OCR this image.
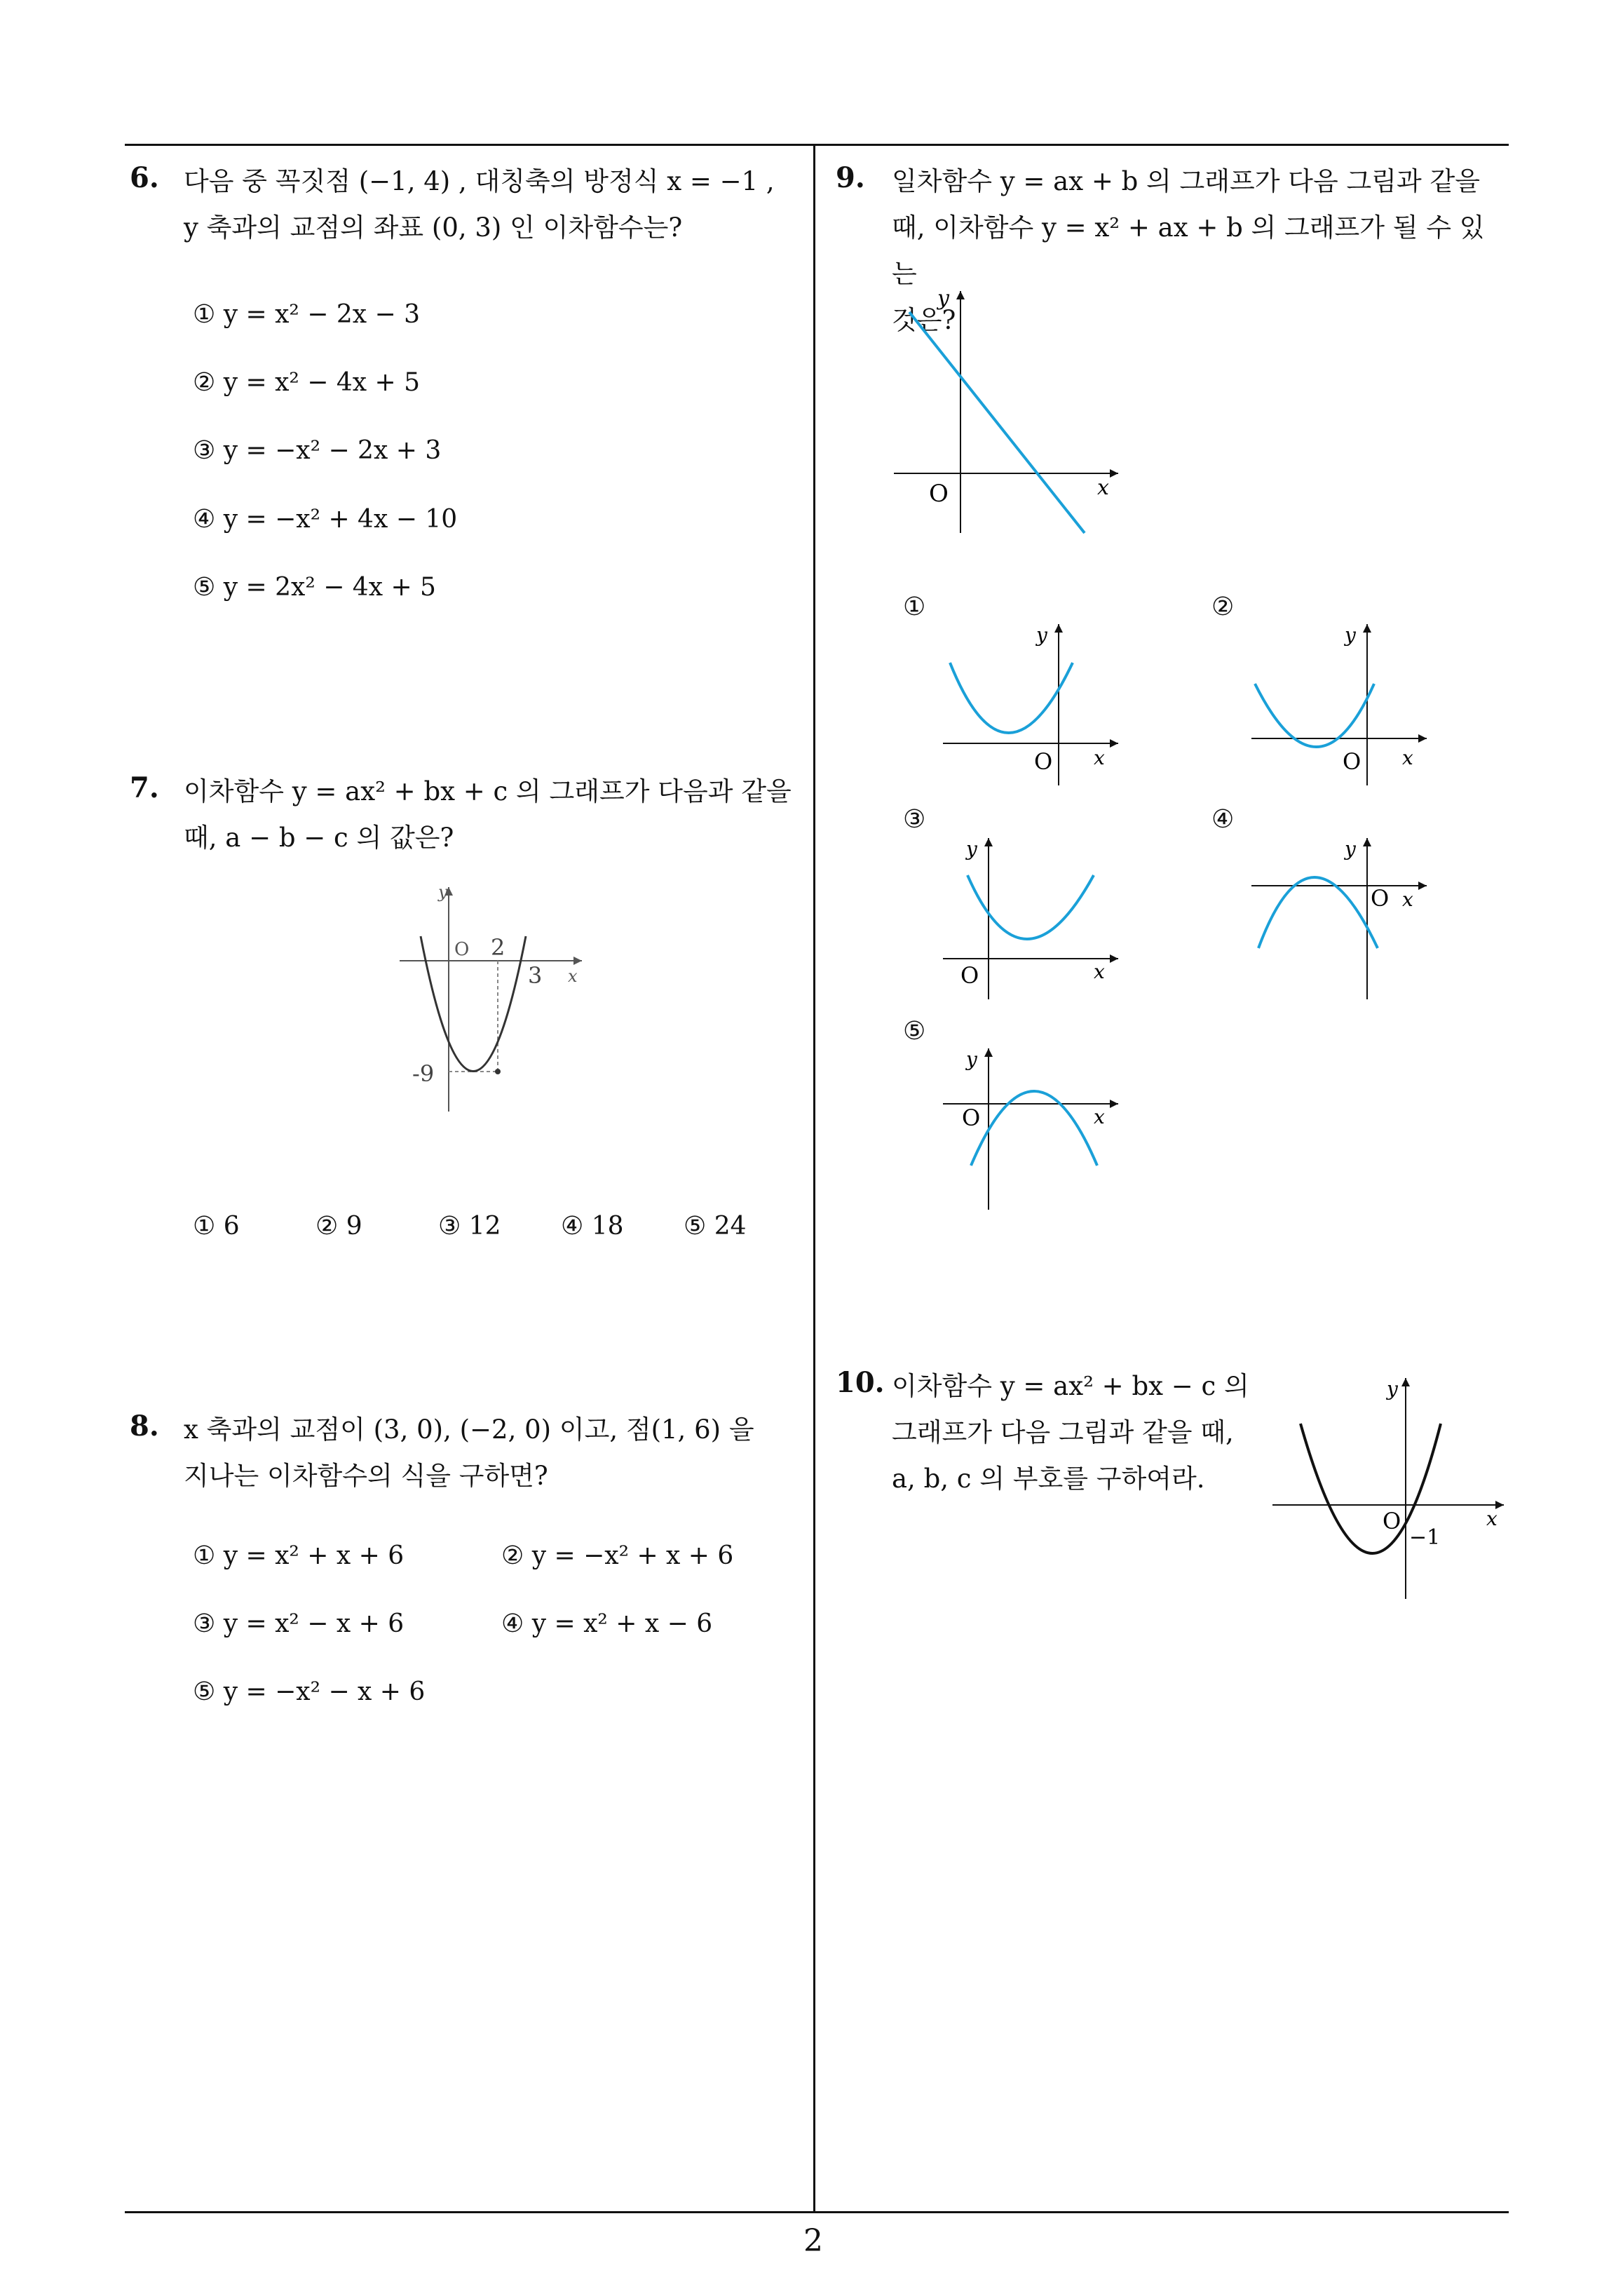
2
6. 다음 중 꼭짓점 (−1, 4) , 대칭축의 방정식 x = −1 ,
y 축과의 교점의 좌표 (0, 3) 인 이차함수는?
① y = x² − 2x − 3
② y = x² − 4x + 5
③ y = −x² − 2x + 3
④ y = −x² + 4x − 10
⑤ y = 2x² − 4x + 5
7. 이차함수 y = ax² + bx + c 의 그래프가 다음과 같을
때, a − b − c 의 값은?
y
x
O 2
3
-9
① 6	② 9	③ 12 ④ 18 ⑤ 24
8. x 축과의 교점이 (3, 0), (−2, 0) 이고, 점(1, 6) 을
지나는 이차함수의 식을 구하면?
① y = x² + x + 6	② y = −x² + x + 6
③ y = x² − x + 6	④ y = x² + x − 6
⑤ y = −x² − x + 6
9. 일차함수 y = ax + b 의 그래프가 다음 그림과 같을
때, 이차함수 y = x² + ax + b 의 그래프가 될 수 있는
것은?
y
x
O
①	②
③	④
⑤
y
x
O
y
x
O
y
x
O
y
x
O
y
x
O
10. 이차함수 y = ax² + bx − c 의
그래프가 다음 그림과 같을 때,
a, b, c 의 부호를 구하여라.
y
x
O
−1
